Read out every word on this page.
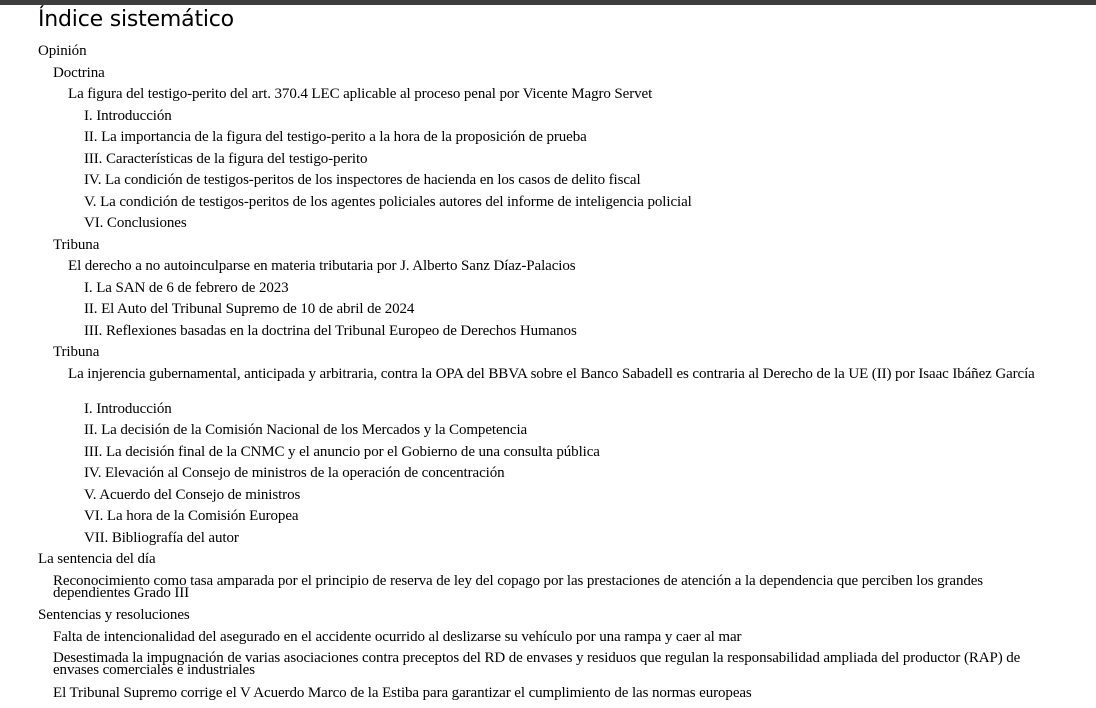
Índice sistemático
Opinión
Doctrina
La figura del testigo-perito del art. 370.4 LEC aplicable al proceso penal por Vicente Magro Servet
I. Introducción
II. La importancia de la figura del testigo-perito a la hora de la proposición de prueba
III. Características de la figura del testigo-perito
IV. La condición de testigos-peritos de los inspectores de hacienda en los casos de delito fiscal
V. La condición de testigos-peritos de los agentes policiales autores del informe de inteligencia policial
VI. Conclusiones
Tribuna
El derecho a no autoinculparse en materia tributaria por J. Alberto Sanz Díaz-Palacios
I. La SAN de 6 de febrero de 2023
II. El Auto del Tribunal Supremo de 10 de abril de 2024
III. Reflexiones basadas en la doctrina del Tribunal Europeo de Derechos Humanos
Tribuna
La injerencia gubernamental, anticipada y arbitraria, contra la OPA del BBVA sobre el Banco Sabadell es contraria al Derecho de la UE (II) por Isaac Ibáñez García
I. Introducción
II. La decisión de la Comisión Nacional de los Mercados y la Competencia
III. La decisión final de la CNMC y el anuncio por el Gobierno de una consulta pública
IV. Elevación al Consejo de ministros de la operación de concentración
V. Acuerdo del Consejo de ministros
VI. La hora de la Comisión Europea
VII. Bibliografía del autor
La sentencia del día
Reconocimiento como tasa amparada por el principio de reserva de ley del copago por las prestaciones de atención a la dependencia que perciben los grandes dependientes Grado III
Sentencias y resoluciones
Falta de intencionalidad del asegurado en el accidente ocurrido al deslizarse su vehículo por una rampa y caer al mar
Desestimada la impugnación de varias asociaciones contra preceptos del RD de envases y residuos que regulan la responsabilidad ampliada del productor (RAP) de envases comerciales e industriales
El Tribunal Supremo corrige el V Acuerdo Marco de la Estiba para garantizar el cumplimiento de las normas europeas
